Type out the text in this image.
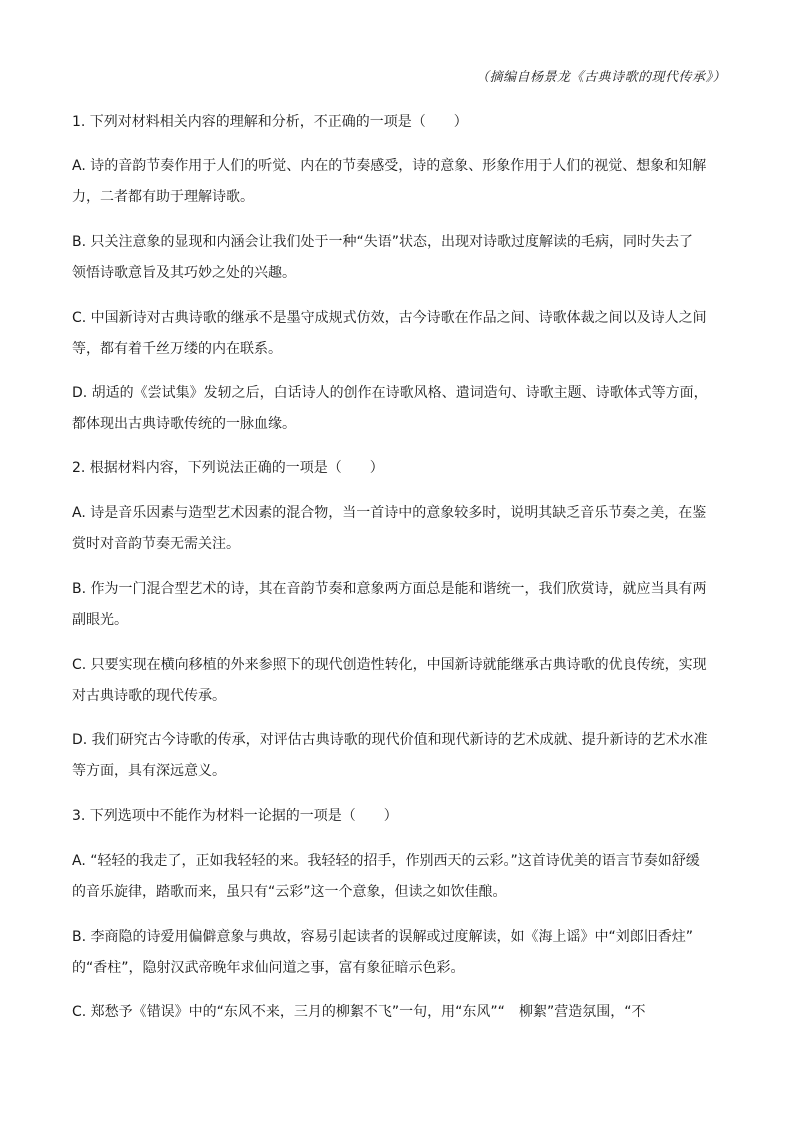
（摘编自杨景龙《古典诗歌的现代传承》）
1. 下列对材料相关内容的理解和分析，不正确的一项是（　　）
A. 诗的音韵节奏作用于人们的听觉、内在的节奏感受，诗的意象、形象作用于人们的视觉、想象和知解
力，二者都有助于理解诗歌。
B. 只关注意象的显现和内涵会让我们处于一种“失语”状态，出现对诗歌过度解读的毛病，同时失去了
领悟诗歌意旨及其巧妙之处的兴趣。
C. 中国新诗对古典诗歌的继承不是墨守成规式仿效，古今诗歌在作品之间、诗歌体裁之间以及诗人之间
等，都有着千丝万缕的内在联系。
D. 胡适的《尝试集》发轫之后，白话诗人的创作在诗歌风格、遣词造句、诗歌主题、诗歌体式等方面，
都体现出古典诗歌传统的一脉血缘。
2. 根据材料内容，下列说法正确的一项是（　　）
A. 诗是音乐因素与造型艺术因素的混合物，当一首诗中的意象较多时，说明其缺乏音乐节奏之美，在鉴
赏时对音韵节奏无需关注。
B. 作为一门混合型艺术的诗，其在音韵节奏和意象两方面总是能和谐统一，我们欣赏诗，就应当具有两
副眼光。
C. 只要实现在横向移植的外来参照下的现代创造性转化，中国新诗就能继承古典诗歌的优良传统，实现
对古典诗歌的现代传承。
D. 我们研究古今诗歌的传承，对评估古典诗歌的现代价值和现代新诗的艺术成就、提升新诗的艺术水准
等方面，具有深远意义。
3. 下列选项中不能作为材料一论据的一项是（　　）
A. “轻轻的我走了，正如我轻轻的来。我轻轻的招手，作别西天的云彩。”这首诗优美的语言节奏如舒缓
的音乐旋律，踏歌而来，虽只有“云彩”这一个意象，但读之如饮佳酿。
B. 李商隐的诗爱用偏僻意象与典故，容易引起读者的误解或过度解读，如《海上谣》中“刘郎旧香炷”
的“香柱”，隐射汉武帝晚年求仙问道之事，富有象征暗示色彩。
C. 郑愁予《错误》中的“东风不来，三月的柳絮不飞”一句，用“东风”“　柳絮”营造氛围，“不
